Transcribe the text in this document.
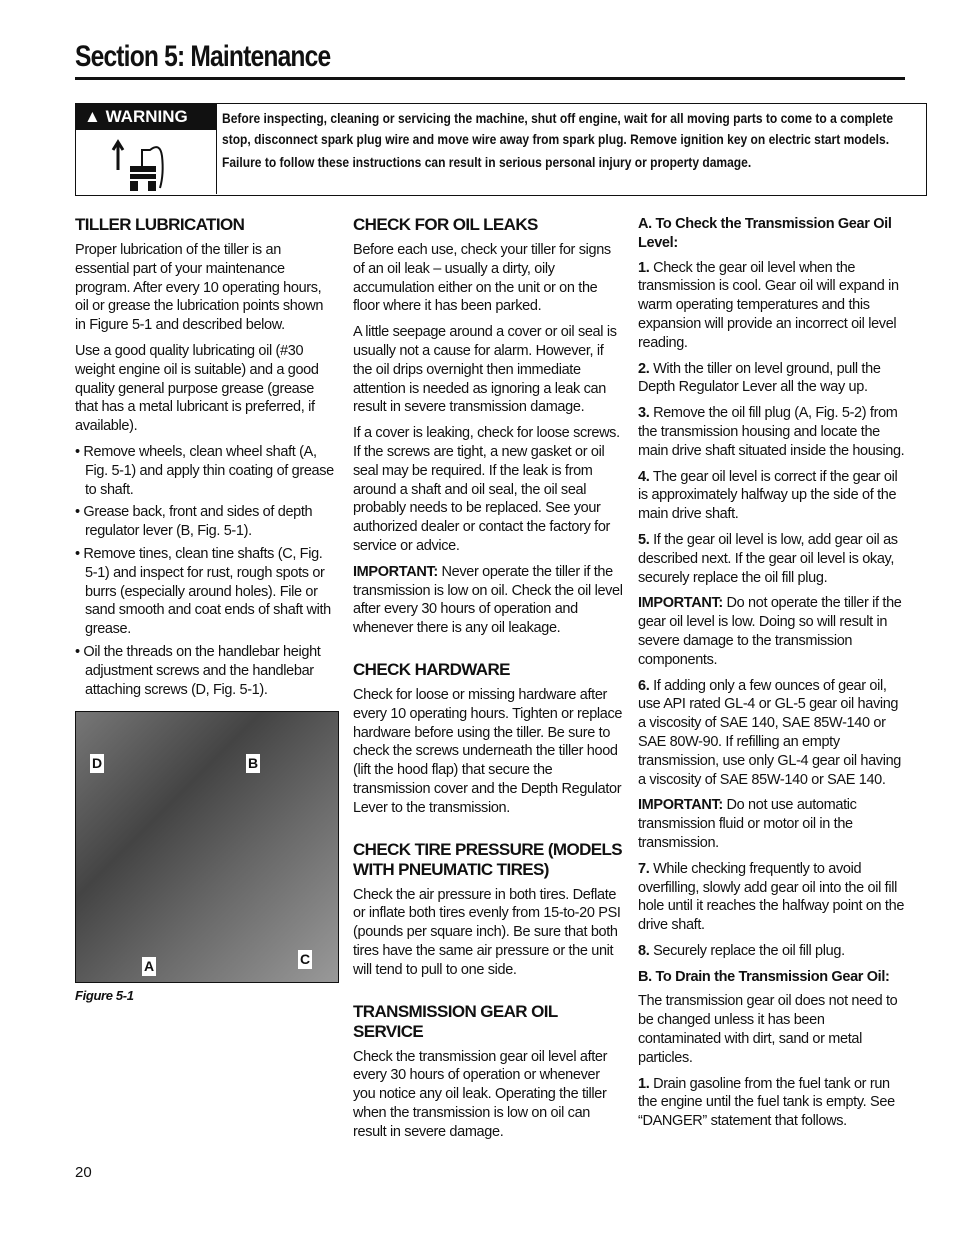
Section 5: Maintenance
▲ WARNING	Before inspecting, cleaning or servicing the machine, shut off engine, wait for all moving parts to come to a complete stop, disconnect spark plug wire and move wire away from spark plug. Remove ignition key on electric start models.

Failure to follow these instructions can result in serious personal injury or property damage.

TILLER LUBRICATION

Proper lubrication of the tiller is an essential part of your maintenance program. After every 10 operating hours, oil or grease the lubrication points shown in Figure 5-1 and described below.

Use a good quality lubricating oil (#30 weight engine oil is suitable) and a good quality general purpose grease (grease that has a metal lubricant is preferred, if available).

• Remove wheels, clean wheel shaft (A, Fig. 5-1) and apply thin coating of grease to shaft.

• Grease back, front and sides of depth regulator lever (B, Fig. 5-1).

• Remove tines, clean tine shafts (C, Fig. 5-1) and inspect for rust, rough spots or burrs (especially around holes). File or sand smooth and coat ends of shaft with grease.

• Oil the threads on the handlebar height adjustment screws and the handlebar attaching screws (D, Fig. 5-1).

D	B
A	C
Figure 5-1
CHECK FOR OIL LEAKS

Before each use, check your tiller for signs of an oil leak – usually a dirty, oily accumulation either on the unit or on the floor where it has been parked.

A little seepage around a cover or oil seal is usually not a cause for alarm. However, if the oil drips overnight then immediate attention is needed as ignoring a leak can result in severe transmission damage.

If a cover is leaking, check for loose screws. If the screws are tight, a new gasket or oil seal may be required. If the leak is from around a shaft and oil seal, the oil seal probably needs to be replaced. See your authorized dealer or contact the factory for service or advice.

IMPORTANT: Never operate the tiller if the transmission is low on oil. Check the oil level after every 30 hours of operation and whenever there is any oil leakage.

CHECK HARDWARE

Check for loose or missing hardware after every 10 operating hours. Tighten or replace hardware before using the tiller. Be sure to check the screws underneath the tiller hood (lift the hood flap) that secure the transmission cover and the Depth Regulator Lever to the transmission.

CHECK TIRE PRESSURE (MODELS WITH PNEUMATIC TIRES)

Check the air pressure in both tires. Deflate or inflate both tires evenly from 15-to-20 PSI (pounds per square inch). Be sure that both tires have the same air pressure or the unit will tend to pull to one side.

TRANSMISSION GEAR OIL SERVICE

Check the transmission gear oil level after every 30 hours of operation or whenever you notice any oil leak. Operating the tiller when the transmission is low on oil can result in severe damage.

A. To Check the Transmission Gear Oil Level:

1. Check the gear oil level when the transmission is cool. Gear oil will expand in warm operating temperatures and this expansion will provide an incorrect oil level reading.

2. With the tiller on level ground, pull the Depth Regulator Lever all the way up.

3. Remove the oil fill plug (A, Fig. 5-2) from the transmission housing and locate the main drive shaft situated inside the housing.

4. The gear oil level is correct if the gear oil is approximately halfway up the side of the main drive shaft.

5. If the gear oil level is low, add gear oil as described next. If the gear oil level is okay, securely replace the oil fill plug.

IMPORTANT: Do not operate the tiller if the gear oil level is low. Doing so will result in severe damage to the transmission components.

6. If adding only a few ounces of gear oil, use API rated GL-4 or GL-5 gear oil having a viscosity of SAE 140, SAE 85W-140 or SAE 80W-90. If refilling an empty transmission, use only GL-4 gear oil having a viscosity of SAE 85W-140 or SAE 140.

IMPORTANT: Do not use automatic transmission fluid or motor oil in the transmission.

7. While checking frequently to avoid overfilling, slowly add gear oil into the oil fill hole until it reaches the halfway point on the drive shaft.

8. Securely replace the oil fill plug.

B. To Drain the Transmission Gear Oil:

The transmission gear oil does not need to be changed unless it has been contaminated with dirt, sand or metal particles.

1. Drain gasoline from the fuel tank or run the engine until the fuel tank is empty. See “DANGER” statement that follows.

20
